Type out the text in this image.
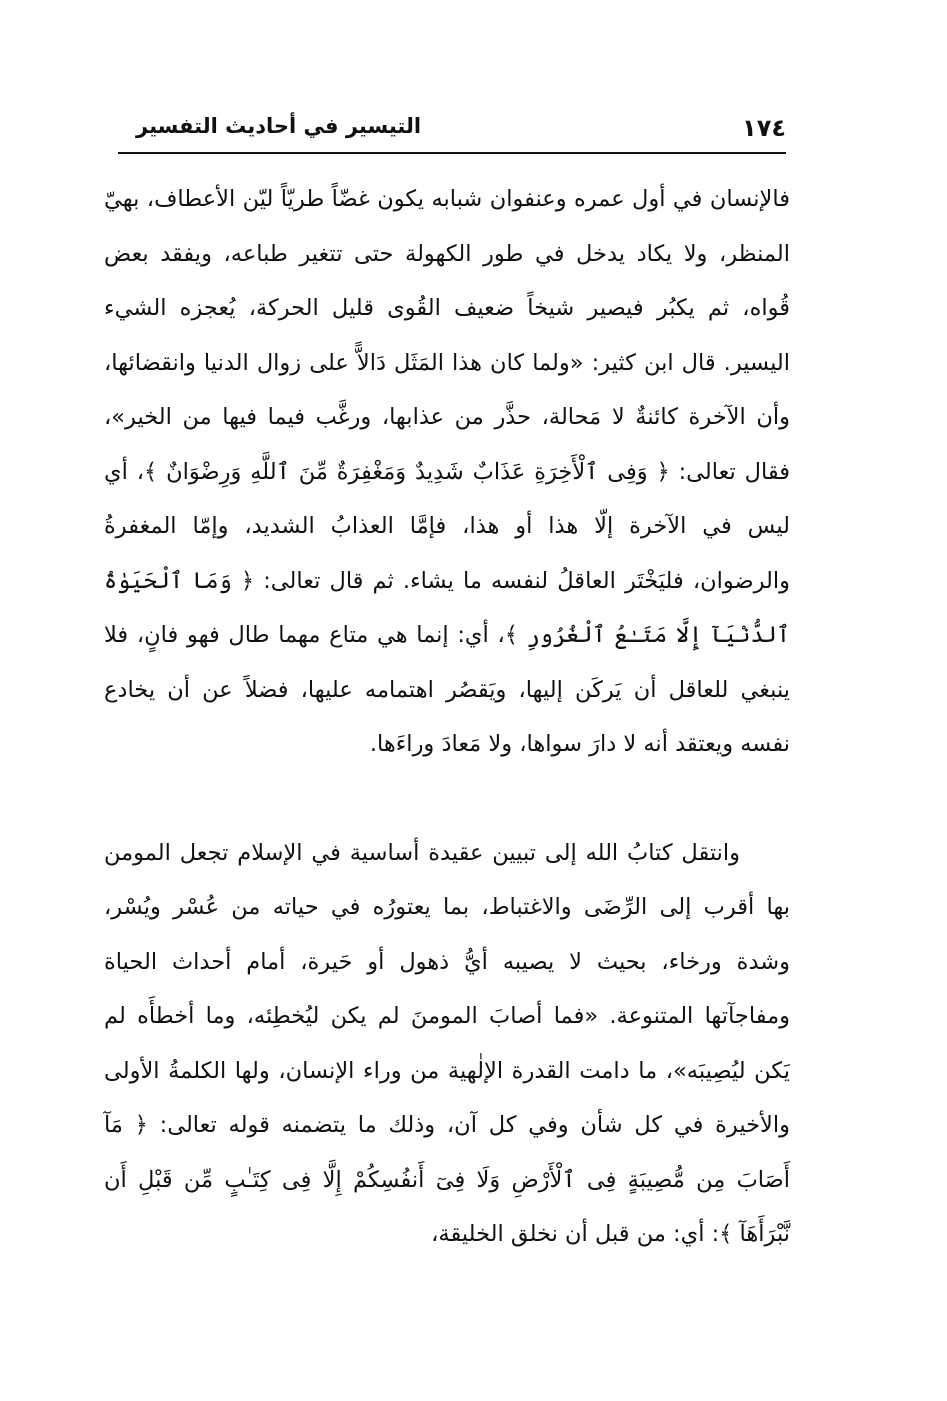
١٧٤
التيسير في أحاديث التفسير

فالإنسان في أول عمره وعنفوان شبابه يكون غضّاً طريّاً ليّن الأعطاف، بهيّ المنظر، ولا يكاد يدخل في طور الكهولة حتى تتغير طباعه، ويفقد بعض قُواه، ثم يكبُر فيصير شيخاً ضعيف القُوى قليل الحركة، يُعجزه الشيء اليسير. قال ابن كثير: «ولما كان هذا المَثَل دَالاًّ على زوال الدنيا وانقضائها، وأن الآخرة كائنةٌ لا مَحالة، حذَّر من عذابها، ورغَّب فيما فيها من الخير»، فقال تعالى: ﴿ وَفِى ٱلْأَخِرَةِ عَذَابٌ شَدِيدٌ وَمَغْفِرَةٌ مِّنَ ٱللَّهِ وَرِضْوَانٌ ﴾، أي ليس في الآخرة إلّا هذا أو هذا، فإمَّا العذابُ الشديد، وإمّا المغفرةُ والرضوان، فليَخْتَر العاقلُ لنفسه ما يشاء. ثم قال تعالى: ﴿ وَمَا ٱلْحَيَوٰةُ ٱلدُّنْيَآ إِلَّا مَتَـٰعُ ٱلْغُرُورِ ﴾، أي: إنما هي متاع مهما طال فهو فانٍ، فلا ينبغي للعاقل أن يَركَن إليها، ويَقصُر اهتمامه عليها، فضلاً عن أن يخادع نفسه ويعتقد أنه لا دارَ سواها، ولا مَعادَ وراءَها.

وانتقل كتابُ الله إلى تبيين عقيدة أساسية في الإسلام تجعل المومن بها أقرب إلى الرِّضَى والاغتباط، بما يعتورُه في حياته من عُسْر ويُسْر، وشدة ورخاء، بحيث لا يصيبه أيُّ ذهول أو حَيرة، أمام أحداث الحياة ومفاجآتها المتنوعة. «فما أصابَ المومنَ لم يكن ليُخطِئه، وما أخطأَه لم يَكن ليُصِيبَه»، ما دامت القدرة الإلٰهية من وراء الإنسان، ولها الكلمةُ الأولى والأخيرة في كل شأن وفي كل آن، وذلك ما يتضمنه قوله تعالى: ﴿ مَآ أَصَابَ مِن مُّصِيبَةٍ فِى ٱلْأَرْضِ وَلَا فِىٓ أَنفُسِكُمْ إِلَّا فِى كِتَـٰبٍ مِّن قَبْلِ أَن نَّبْرَأَهَآ ﴾: أي: من قبل أن نخلق الخليقة،
